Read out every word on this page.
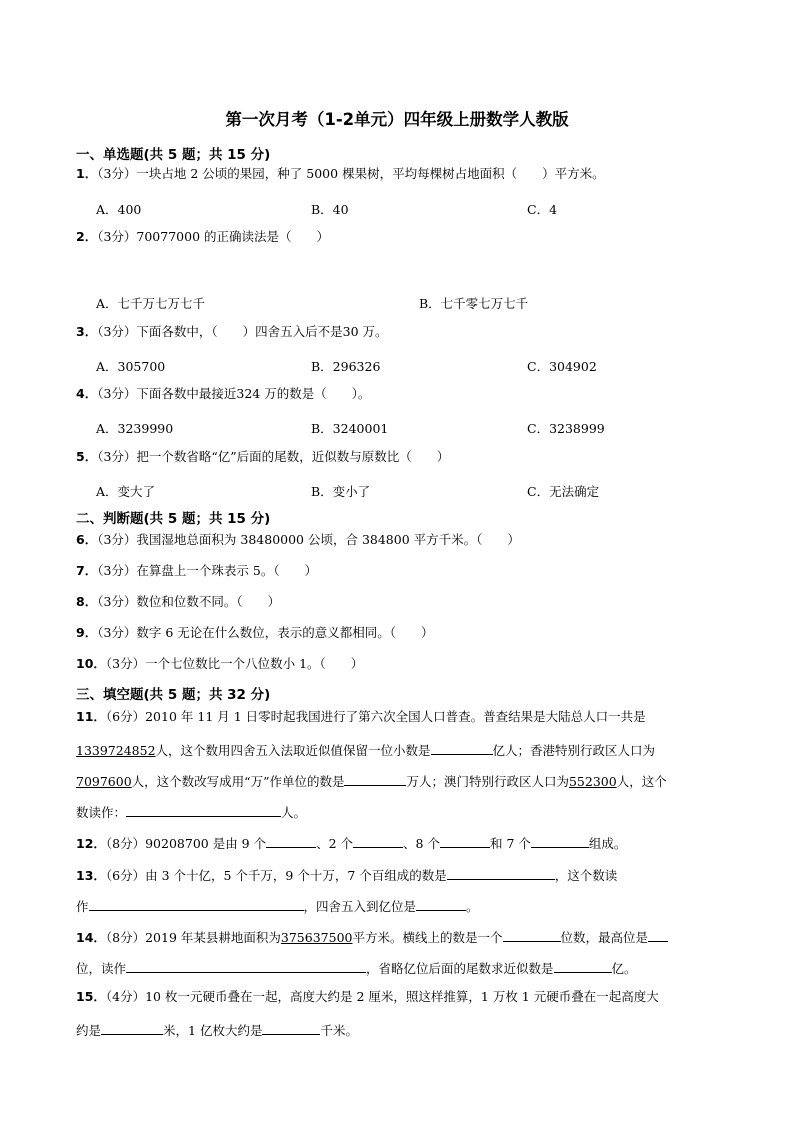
第一次月考（1-2单元）四年级上册数学人教版
一、单选题(共 5 题；共 15 分)
1．（3分）一块占地 2 公顷的果园，种了 5000 棵果树，平均每棵树占地面积（　　）平方米。
A．400	B．40	C．4
2．（3分）70077000 的正确读法是（　　）
A．七千万七万七千	B．七千零七万七千
3．（3分）下面各数中，（　　）四舍五入后不是30 万。
A．305700	B．296326	C．304902
4．（3分）下面各数中最接近324 万的数是（　　）。
A．3239990	B．3240001	C．3238999
5．（3分）把一个数省略“亿”后面的尾数，近似数与原数比（　　）
A．变大了	B．变小了	C．无法确定
二、判断题(共 5 题；共 15 分)
6．（3分）我国湿地总面积为 38480000 公顷，合 384800 平方千米。（　　）
7．（3分）在算盘上一个珠表示 5。（　　）
8．（3分）数位和位数不同。（　　）
9．（3分）数字 6 无论在什么数位，表示的意义都相同。（　　）
10．（3分）一个七位数比一个八位数小 1。（　　）
三、填空题(共 5 题；共 32 分)
11．（6分）2010 年 11 月 1 日零时起我国进行了第六次全国人口普查。普查结果是大陆总人口一共是
1339724852人，这个数用四舍五入法取近似值保留一位小数是	亿人；香港特别行政区人口为
7097600人，这个数改写成用“万”作单位的数是	万人；澳门特别行政区人口为552300人，这个
数读作：	人。
12．（8分）90208700 是由 9 个	、2 个	、8 个	和 7 个	组成。
13．（6分）由 3 个十亿，5 个千万，9 个十万，7 个百组成的数是	，这个数读
作	，四舍五入到亿位是	。
14．（8分）2019 年某县耕地面积为375637500平方米。横线上的数是一个	位数，最高位是
位，读作	，省略亿位后面的尾数求近似数是	亿。
15．（4分）10 枚一元硬币叠在一起，高度大约是 2 厘米，照这样推算，1 万枚 1 元硬币叠在一起高度大
约是	米，1 亿枚大约是	千米。
